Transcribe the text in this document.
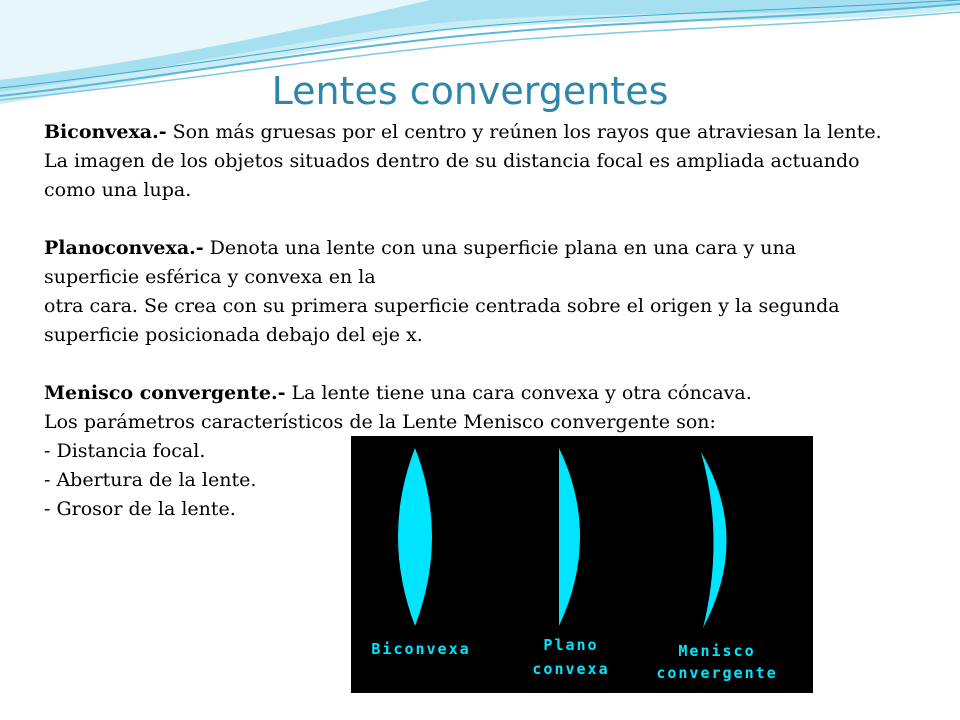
Lentes convergentes

Biconvexa.- Son más gruesas por el centro y reúnen los rayos que atraviesan la lente.
La imagen de los objetos situados dentro de su distancia focal es ampliada actuando
como una lupa.

Planoconvexa.- Denota una lente con una superficie plana en una cara y una
superficie esférica y convexa en la
otra cara. Se crea con su primera superficie centrada sobre el origen y la segunda
superficie posicionada debajo del eje x.

Menisco convergente.- La lente tiene una cara convexa y otra cóncava.
Los parámetros característicos de la Lente Menisco convergente son:
- Distancia focal.
- Abertura de la lente.
- Grosor de la lente.
Biconvexa	Plano
convexa
Menisco
convergente
